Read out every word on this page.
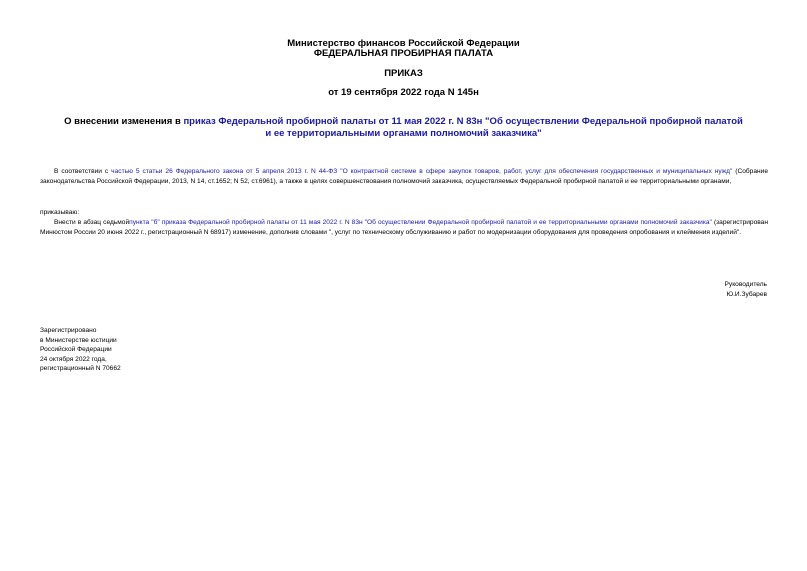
Министерство финансов Российской Федерации
ФЕДЕРАЛЬНАЯ ПРОБИРНАЯ ПАЛАТА
ПРИКАЗ
от 19 сентября 2022 года N 145н
О внесении изменения в приказ Федеральной пробирной палаты от 11 мая 2022 г. N 83н "Об осуществлении Федеральной пробирной палатой и ее территориальными органами полномочий заказчика"
В соответствии с частью 5 статьи 26 Федерального закона от 5 апреля 2013 г. N 44-ФЗ "О контрактной системе в сфере закупок товаров, работ, услуг для обеспечения государственных и муниципальных нужд" (Собрание законодательства Российской Федерации, 2013, N 14, ст.1652; N 52, ст.6961), а также в целях совершенствования полномочий заказчика, осуществляемых Федеральной пробирной палатой и ее территориальными органами,
приказываю:
Внести в абзац седьмойпункта "б" приказа Федеральной пробирной палаты от 11 мая 2022 г. N 83н "Об осуществлении Федеральной пробирной палатой и ее территориальными органами полномочий заказчика" (зарегистрирован Минюстом России 20 июня 2022 г., регистрационный N 68917) изменение, дополнив словами ", услуг по техническому обслуживанию и работ по модернизации оборудования для проведения опробования и клеймения изделий".
Руководитель
Ю.И.Зубарев
Зарегистрировано
в Министерстве юстиции
Российской Федерации
24 октября 2022 года,
регистрационный N 70662
